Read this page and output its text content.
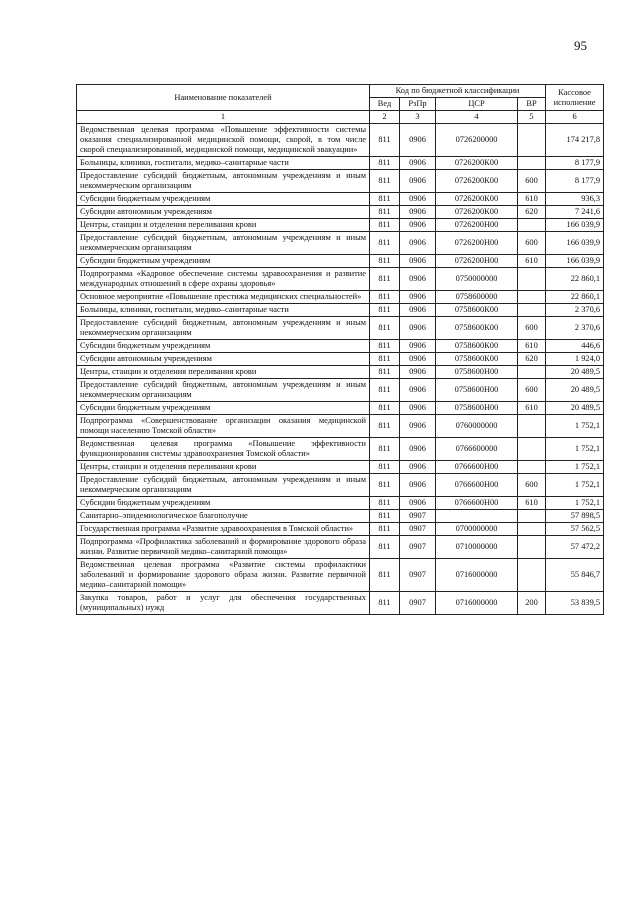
95
Наименование показателей	Код по бюджетной классификации				Кассовое исполнение
	Вед	РзПр	ЦСР	ВР	
1	2	3	4	5	6
Ведомственная целевая программа «Повышение эффективности системы оказания специализированной медицинской помощи, скорой, в том числе скорой специализированной, медицинской помощи, медицинской эвакуации»	811	0906	0726200000		174 217,8
Больницы, клиники, госпитали, медико–санитарные части	811	0906	0726200К00		8 177,9
Предоставление субсидий бюджетным, автономным учреждениям и иным некоммерческим организациям	811	0906	0726200К00	600	8 177,9
Субсидии бюджетным учреждениям	811	0906	0726200К00	610	936,3
Субсидии автономным учреждениям	811	0906	0726200К00	620	7 241,6
Центры, станции и отделения переливания крови	811	0906	0726200Н00		166 039,9
Предоставление субсидий бюджетным, автономным учреждениям и иным некоммерческим организациям	811	0906	0726200Н00	600	166 039,9
Субсидии бюджетным учреждениям	811	0906	0726200Н00	610	166 039,9
Подпрограмма «Кадровое обеспечение системы здравоохранения и развитие международных отношений в сфере охраны здоровья»	811	0906	0750000000		22 860,1
Основное мероприятие «Повышение престижа медицинских специальностей»	811	0906	0758600000		22 860,1
Больницы, клиники, госпитали, медико–санитарные части	811	0906	0758600К00		2 370,6
Предоставление субсидий бюджетным, автономным учреждениям и иным некоммерческим организациям	811	0906	0758600К00	600	2 370,6
Субсидии бюджетным учреждениям	811	0906	0758600К00	610	446,6
Субсидии автономным учреждениям	811	0906	0758600К00	620	1 924,0
Центры, станции и отделения переливания крови	811	0906	0758600Н00		20 489,5
Предоставление субсидий бюджетным, автономным учреждениям и иным некоммерческим организациям	811	0906	0758600Н00	600	20 489,5
Субсидии бюджетным учреждениям	811	0906	0758600Н00	610	20 489,5
Подпрограмма «Совершенствование организации оказания медицинской помощи населению Томской области»	811	0906	0760000000		1 752,1
Ведомственная целевая программа «Повышение эффективности функционирования системы здравоохранения Томской области»	811	0906	0766600000		1 752,1
Центры, станции и отделения переливания крови	811	0906	0766600Н00		1 752,1
Предоставление субсидий бюджетным, автономным учреждениям и иным некоммерческим организациям	811	0906	0766600Н00	600	1 752,1
Субсидии бюджетным учреждениям	811	0906	0766600Н00	610	1 752,1
Санитарно–эпидемиологическое благополучие	811	0907			57 898,5
Государственная программа «Развитие здравоохранения в Томской области»	811	0907	0700000000		57 562,5
Подпрограмма «Профилактика заболеваний и формирование здорового образа жизни. Развитие первичной медико–санитарной помощи»	811	0907	0710000000		57 472,2
Ведомственная целевая программа «Развитие системы профилактики заболеваний и формирование здорового образа жизни. Развитие первичной медико–санитарной помощи»	811	0907	0716000000		55 846,7
Закупка товаров, работ и услуг для обеспечения государственных (муниципальных) нужд	811	0907	0716000000	200	53 839,5
